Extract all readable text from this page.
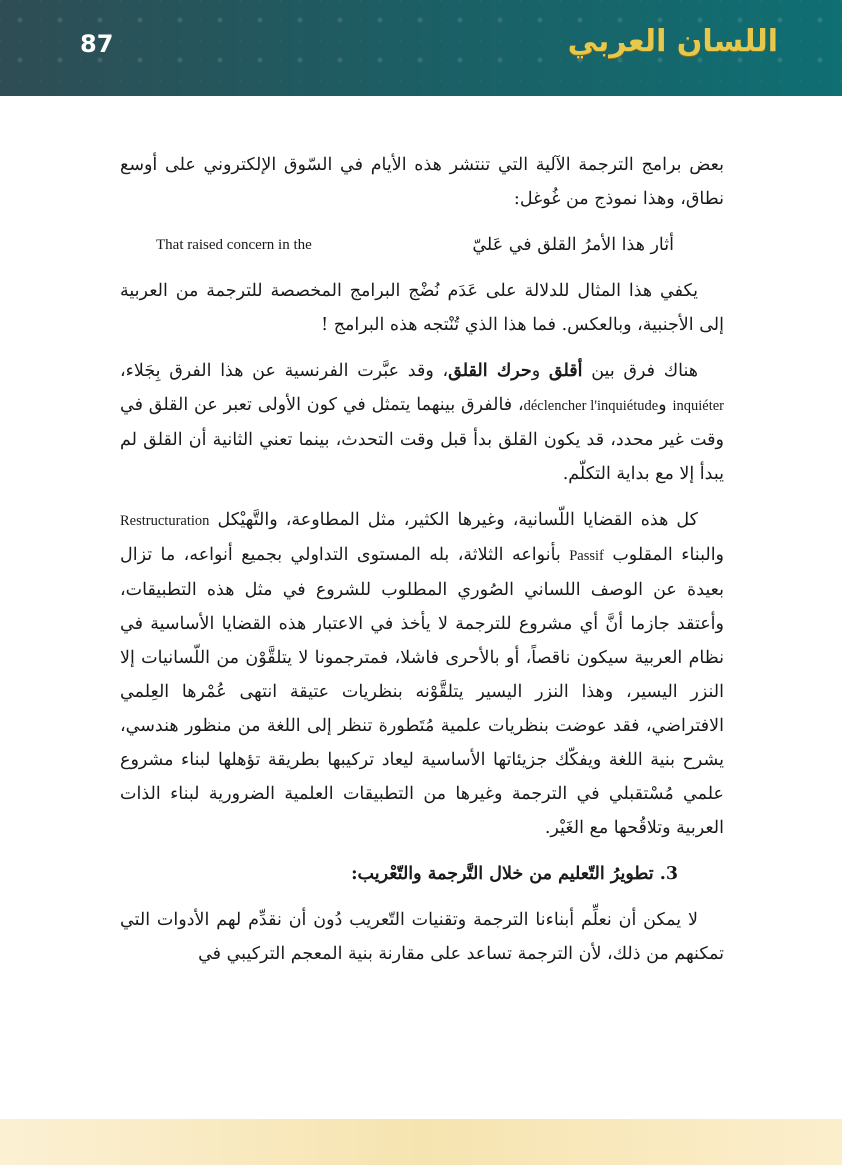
87	اللسان العربي

بعض برامج الترجمة الآلية التي تنتشر هذه الأيام في السّوق الإلكتروني على أوسع نطاق، وهذا نموذج من غُوغل:

أثار هذا الأمرُ القلق في عَليّ
That raised concern in the

يكفي هذا المثال للدلالة على عَدَم نُضْج البرامج المخصصة للترجمة من العربية إلى الأجنبية، وبالعكس. فما هذا الذي تُنْتجه هذه البرامج !

هناك فرق بين أقلق وحرك القلق، وقد عبَّرت الفرنسية عن هذا الفرق بِجَلاء، inquiéter وdéclencher l'inquiétude، فالفرق بينهما يتمثل في كون الأولى تعبر عن القلق في وقت غير محدد، قد يكون القلق بدأ قبل وقت التحدث، بينما تعني الثانية أن القلق لم يبدأ إلا مع بداية التكلّم.

كل هذه القضايا اللّسانية، وغيرها الكثير، مثل المطاوعة، والتَّهيْكل Restructuration والبناء المقلوب Passif بأنواعه الثلاثة، بله المستوى التداولي بجميع أنواعه، ما تزال بعيدة عن الوصف اللساني الصُوري المطلوب للشروع في مثل هذه التطبيقات، وأعتقد جازما أنَّ أي مشروع للترجمة لا يأخذ في الاعتبار هذه القضايا الأساسية في نظام العربية سيكون ناقصاً، أو بالأحرى فاشلا، فمترجمونا لا يتلقَّوْن من اللّسانيات إلا النزر اليسير، وهذا النزر اليسير يتلقَّوْنه بنظريات عتيقة انتهى عُمْرها العِلمي الافتراضي، فقد عوضت بنظريات علمية مُتَطورة تنظر إلى اللغة من منظور هندسي، يشرح بنية اللغة ويفكّك جزيئاتها الأساسية ليعاد تركيبها بطريقة تؤهلها لبناء مشروع علمي مُسْتقبلي في الترجمة وغيرها من التطبيقات العلمية الضرورية لبناء الذات العربية وتلاقُحها مع الغَيْر.

3. تطويرُ التّعليم من خلال التَّرجمة والتّعْريب:

لا يمكن أن نعلِّم أبناءنا الترجمة وتقنيات التّعريب دُون أن نقدِّم لهم الأدوات التي تمكنهم من ذلك، لأن الترجمة تساعد على مقارنة بنية المعجم التركيبي في
